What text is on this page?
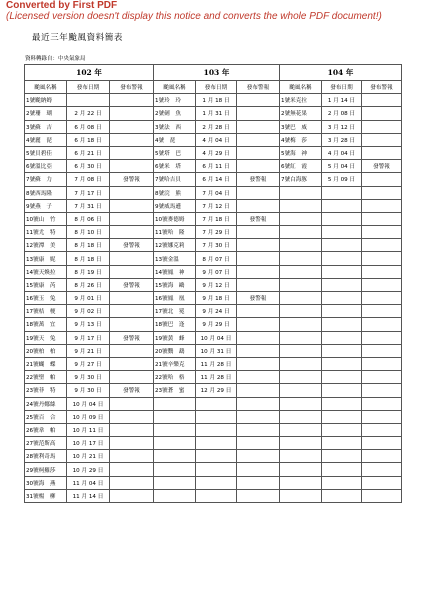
Converted by First PDF
(Licensed version doesn't display this notice and converts the whole PDF document!)
最近三年颱風資料簡表
資料轉錄自：中央氣象局
102 年			103 年			104 年		
颱風名稱	發布日期	發布警報	颱風名稱	發布日期	發布警報	颱風名稱	發布日期	發布警報
1號颱納姆			1號玲　玲	1 月 18 日		1號米克拉	1 月 14 日	
2號珊　瑚	2 月 22 日		2號劍　魚	1 月 31 日		2號無花果	2 月 08 日	
3號蘇　吉	6 月 08 日		3號法　西	2 月 28 日		3號巴　威	3 月 12 日	
4號麗　琵	6 月 18 日		4號　琵	4 月 04 日		4號梅　莎	3 月 28 日	
5號貝碧佳	6 月 21 日		5號塔　巴	4 月 29 日		5號海　神	4 月 04 日	
6號溫比亞	6 月 30 日		6號米　塔	6 月 11 日		6號紅　霞	5 月 04 日	發警報
7號蘇　力	7 月 08 日	發警報	7號哈吉貝	6 月 14 日	發警報	7號白海豚	5 月 09 日	
8號西馬隆	7 月 17 日		8號浣　熊	7 月 04 日				
9號燕　子	7 月 31 日		9號威馬遜	7 月 12 日				
10號山　竹	8 月 06 日		10號麥德姆	7 月 18 日	發警報			
11號尤　特	8 月 10 日		11號哈　隆	7 月 29 日				
12號潭　美	8 月 18 日	發警報	12號娜克莉	7 月 30 日				
13號康　妮	8 月 18 日		13號金溫	8 月 07 日				
14號天煥拉	8 月 19 日		14號鳳　神	9 月 07 日				
15號康　芮	8 月 26 日	發警報	15號海　鷗	9 月 12 日				
16號玉　兔	9 月 01 日		16號鳳　凰	9 月 18 日	發警報			
17號桔　梗	9 月 02 日		17號北　冕	9 月 24 日				
18號萬　宜	9 月 13 日		18號巴　逢	9 月 29 日				
19號天　兔	9 月 17 日	發警報	19號黃　蜂	10 月 04 日				
20號柏　柏	9 月 21 日		20號鸚　鵡	10 月 31 日				
21號蝴　蝶	9 月 27 日		21號辛樂克	11 月 28 日				
22號聖　帕	9 月 30 日		22號哈　格	11 月 28 日				
23號菲　特	9 月 30 日	發警報	23號蒼　蜜	12 月 29 日				
24號丹娜絲	10 月 04 日							
25號百　合	10 月 09 日							
26號韋　帕	10 月 11 日							
27號范斯高	10 月 17 日							
28號利奇馬	10 月 21 日							
29號柯羅莎	10 月 29 日							
30號海　燕	11 月 04 日							
31號楊　柳	11 月 14 日							
